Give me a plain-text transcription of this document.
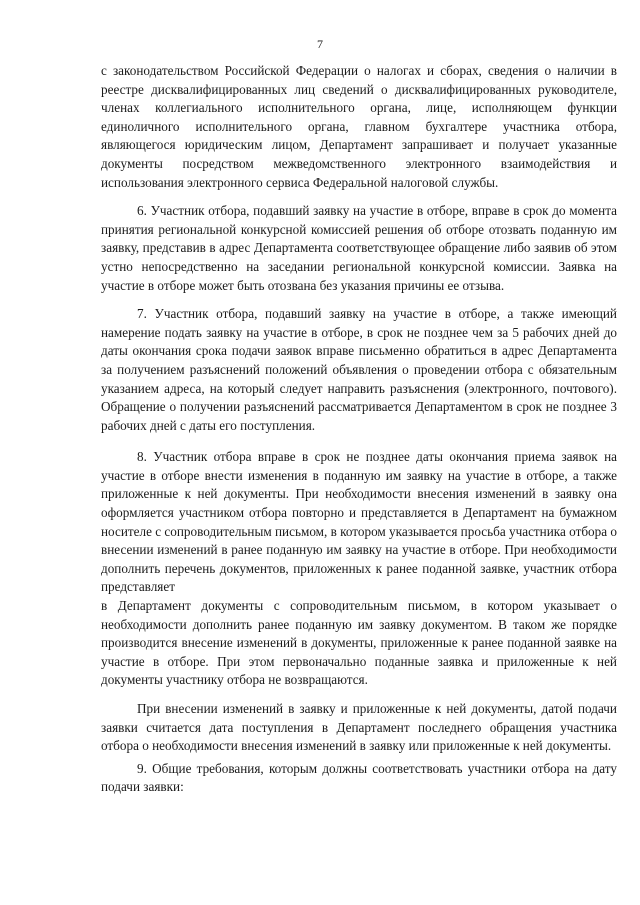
7

с законодательством Российской Федерации о налогах и сборах, сведения о наличии в реестре дисквалифицированных лиц сведений о дисквалифицированных руководителе, членах коллегиального исполнительного органа, лице, исполняющем функции единоличного исполнительного органа, главном бухгалтере участника отбора, являющегося юридическим лицом, Департамент запрашивает и получает указанные документы посредством межведомственного электронного взаимодействия и использования электронного сервиса Федеральной налоговой службы.

6. Участник отбора, подавший заявку на участие в отборе, вправе в срок до момента принятия региональной конкурсной комиссией решения об отборе отозвать поданную им заявку, представив в адрес Департамента соответствующее обращение либо заявив об этом устно непосредственно на заседании региональной конкурсной комиссии. Заявка на участие в отборе может быть отозвана без указания причины ее отзыва.

7. Участник отбора, подавший заявку на участие в отборе, а также имеющий намерение подать заявку на участие в отборе, в срок не позднее чем за 5 рабочих дней до даты окончания срока подачи заявок вправе письменно обратиться в адрес Департамента за получением разъяснений положений объявления о проведении отбора с обязательным указанием адреса, на который следует направить разъяснения (электронного, почтового). Обращение о получении разъяснений рассматривается Департаментом в срок не позднее 3 рабочих дней с даты его поступления.

8. Участник отбора вправе в срок не позднее даты окончания приема заявок на участие в отборе внести изменения в поданную им заявку на участие в отборе, а также приложенные к ней документы. При необходимости внесения изменений в заявку она оформляется участником отбора повторно и представляется в Департамент на бумажном носителе с сопроводительным письмом, в котором указывается просьба участника отбора о внесении изменений в ранее поданную им заявку на участие в отборе. При необходимости дополнить перечень документов, приложенных к ранее поданной заявке, участник отбора представляет

в Департамент документы с сопроводительным письмом, в котором указывает о необходимости дополнить ранее поданную им заявку документом. В таком же порядке производится внесение изменений в документы, приложенные к ранее поданной заявке на участие в отборе. При этом первоначально поданные заявка и приложенные к ней документы участнику отбора не возвращаются.

При внесении изменений в заявку и приложенные к ней документы, датой подачи заявки считается дата поступления в Департамент последнего обращения участника отбора о необходимости внесения изменений в заявку или приложенные к ней документы.

9. Общие требования, которым должны соответствовать участники отбора на дату подачи заявки:
